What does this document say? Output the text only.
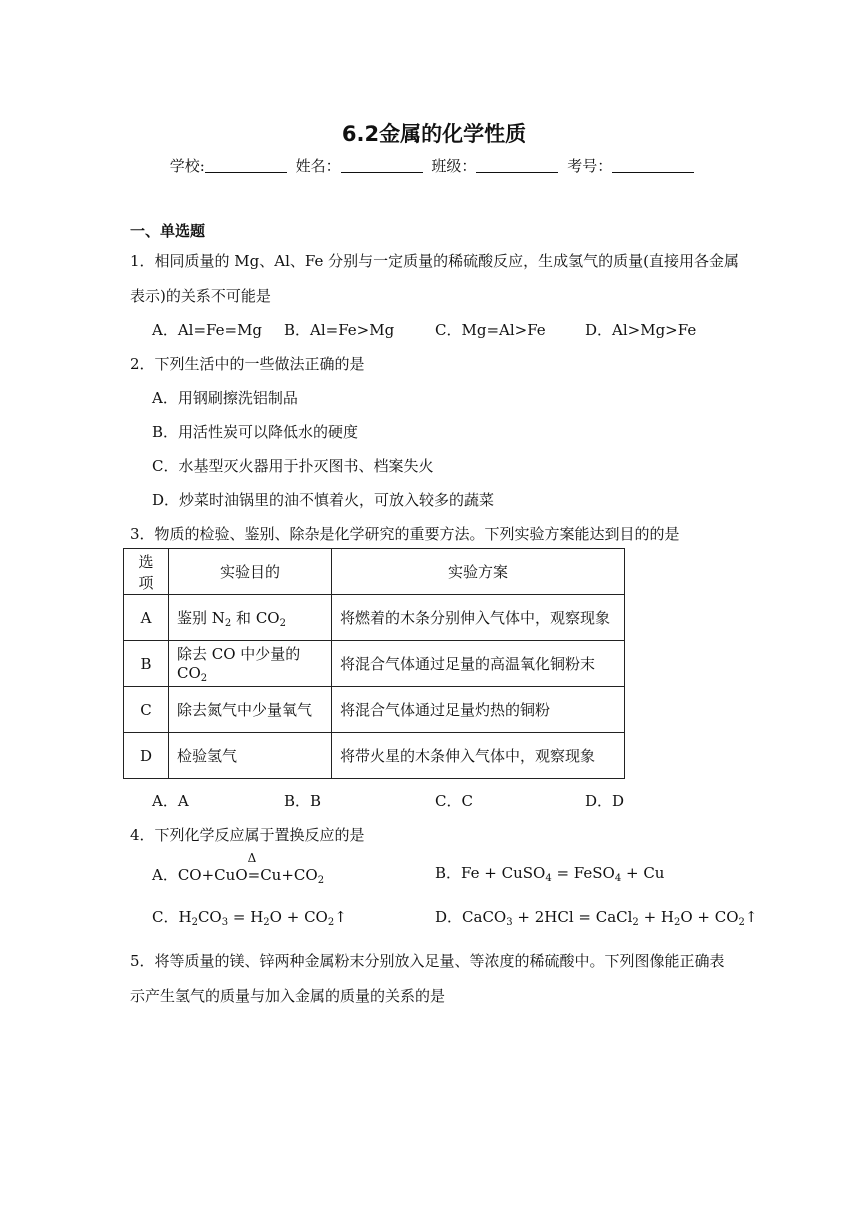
6.2金属的化学性质
学校:	姓名：	班级：	考号：
一、单选题
1．相同质量的 Mg、Al、Fe 分别与一定质量的稀硫酸反应，生成氢气的质量(直接用各金属
表示)的关系不可能是
A．Al=Fe=Mg B．Al=Fe>Mg	C．Mg=Al>Fe	D．Al>Mg>Fe
2．下列生活中的一些做法正确的是
A．用钢刷擦洗铝制品
B．用活性炭可以降低水的硬度
C．水基型灭火器用于扑灭图书、档案失火
D．炒菜时油锅里的油不慎着火，可放入较多的蔬菜
3．物质的检验、鉴别、除杂是化学研究的重要方法。下列实验方案能达到目的的是
选项	实验目的	实验方案
A	鉴别 $N_2$ 和 $CO_2$	将燃着的木条分别伸入气体中，观察现象
B	除去 CO 中少量的 $CO_2$	将混合气体通过足量的高温氧化铜粉末
C	除去氮气中少量氧气	将混合气体通过足量灼热的铜粉
D	检验氢气	将带火星的木条伸入气体中，观察现象
A．A	B．B	C．C	D．D
4．下列化学反应属于置换反应的是
A．CO+CuO
Δ
$=Cu+CO_2$	B．Fe + CuSO$_4$ = FeSO$_4$ + Cu
C．$H_2CO_3 = H_2O$ + $CO_2↑$	D．CaCO$_3$ + 2HCl = CaCl$_2$ + $H_2O$ + $CO_2↑$
5．将等质量的镁、锌两种金属粉末分别放入足量、等浓度的稀硫酸中。下列图像能正确表
示产生氢气的质量与加入金属的质量的关系的是
